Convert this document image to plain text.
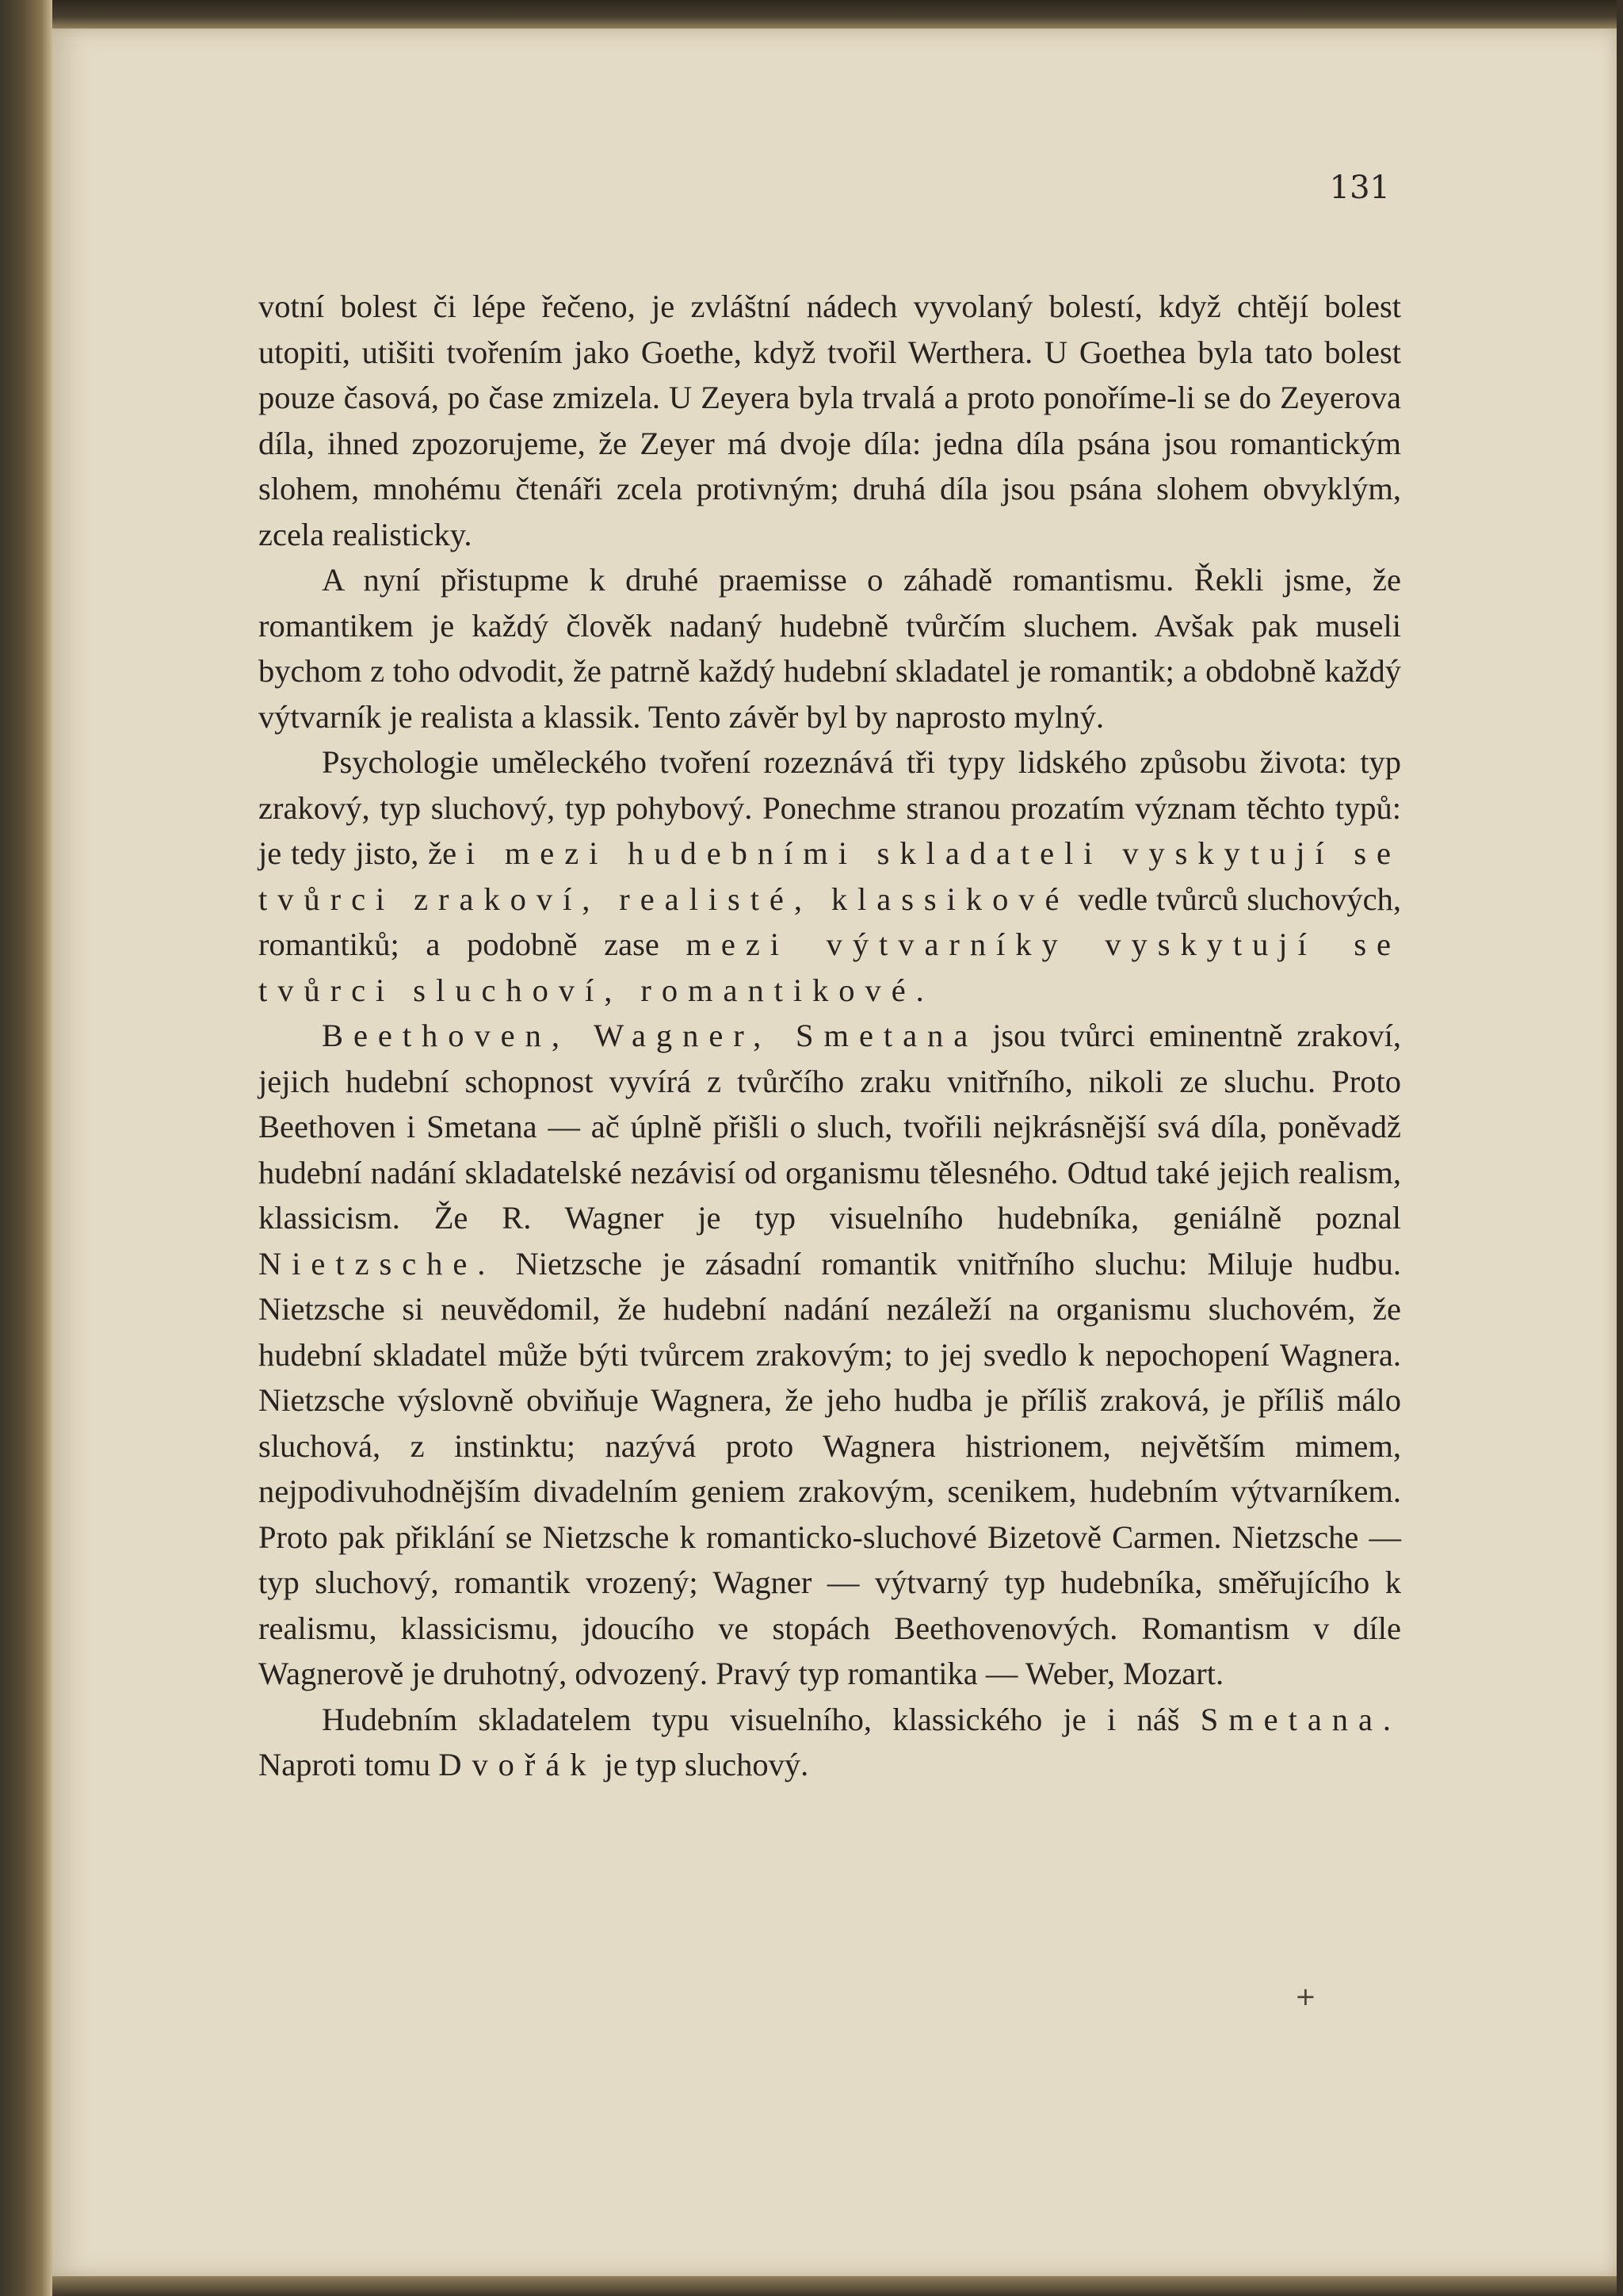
131

votní bolest či lépe řečeno, je zvláštní nádech vyvolaný bolestí, když chtějí bolest utopiti, utišiti tvořením jako Goethe, když tvořil Werthera. U Goethea byla tato bolest pouze časová, po čase zmizela. U Zeyera byla trvalá a proto ponoříme-li se do Zeyerova díla, ihned zpozorujeme, že Zeyer má dvoje díla: jedna díla psána jsou romantickým slohem, mnohému čtenáři zcela protivným; druhá díla jsou psána slohem obvyklým, zcela realisticky.

A nyní přistupme k druhé praemisse o záhadě romantismu. Řekli jsme, že romantikem je každý člověk nadaný hudebně tvůrčím sluchem. Avšak pak museli bychom z toho odvodit, že patrně každý hudební skladatel je romantik; a obdobně každý výtvarník je realista a klassik. Tento závěr byl by naprosto mylný.

Psychologie uměleckého tvoření rozeznává tři typy lidského způsobu života: typ zrakový, typ sluchový, typ pohybový. Ponechme stranou prozatím význam těchto typů: je tedy jisto, že i mezi hudebními skladateli vyskytují se tvůrci zrakoví, realisté, klassikové vedle tvůrců sluchových, romantiků; a podobně zase mezi výtvarníky vyskytují se tvůrci sluchoví, romantikové.

Beethoven, Wagner, Smetana jsou tvůrci eminentně zrakoví, jejich hudební schopnost vyvírá z tvůrčího zraku vnitřního, nikoli ze sluchu. Proto Beethoven i Smetana — ač úplně přišli o sluch, tvořili nejkrásnější svá díla, poněvadž hudební nadání skladatelské nezávisí od organismu tělesného. Odtud také jejich realism, klassicism. Že R. Wagner je typ visuelního hudebníka, geniálně poznal Nietzsche. Nietzsche je zásadní romantik vnitřního sluchu: Miluje hudbu. Nietzsche si neuvědomil, že hudební nadání nezáleží na organismu sluchovém, že hudební skladatel může býti tvůrcem zrakovým; to jej svedlo k nepochopení Wagnera. Nietzsche výslovně obviňuje Wagnera, že jeho hudba je příliš zraková, je příliš málo sluchová, z instinktu; nazývá proto Wagnera histrionem, největším mimem, nejpodivuhodnějším divadelním geniem zrakovým, scenikem, hudebním výtvarníkem. Proto pak přiklání se Nietzsche k romanticko-sluchové Bizetově Carmen. Nietzsche — typ sluchový, romantik vrozený; Wagner — výtvarný typ hudebníka, směřujícího k realismu, klassicismu, jdoucího ve stopách Beethovenových. Romantism v díle Wagnerově je druhotný, odvozený. Pravý typ romantika — Weber, Mozart.

Hudebním skladatelem typu visuelního, klassického je i náš Smetana. Naproti tomu Dvořák je typ sluchový.

+
